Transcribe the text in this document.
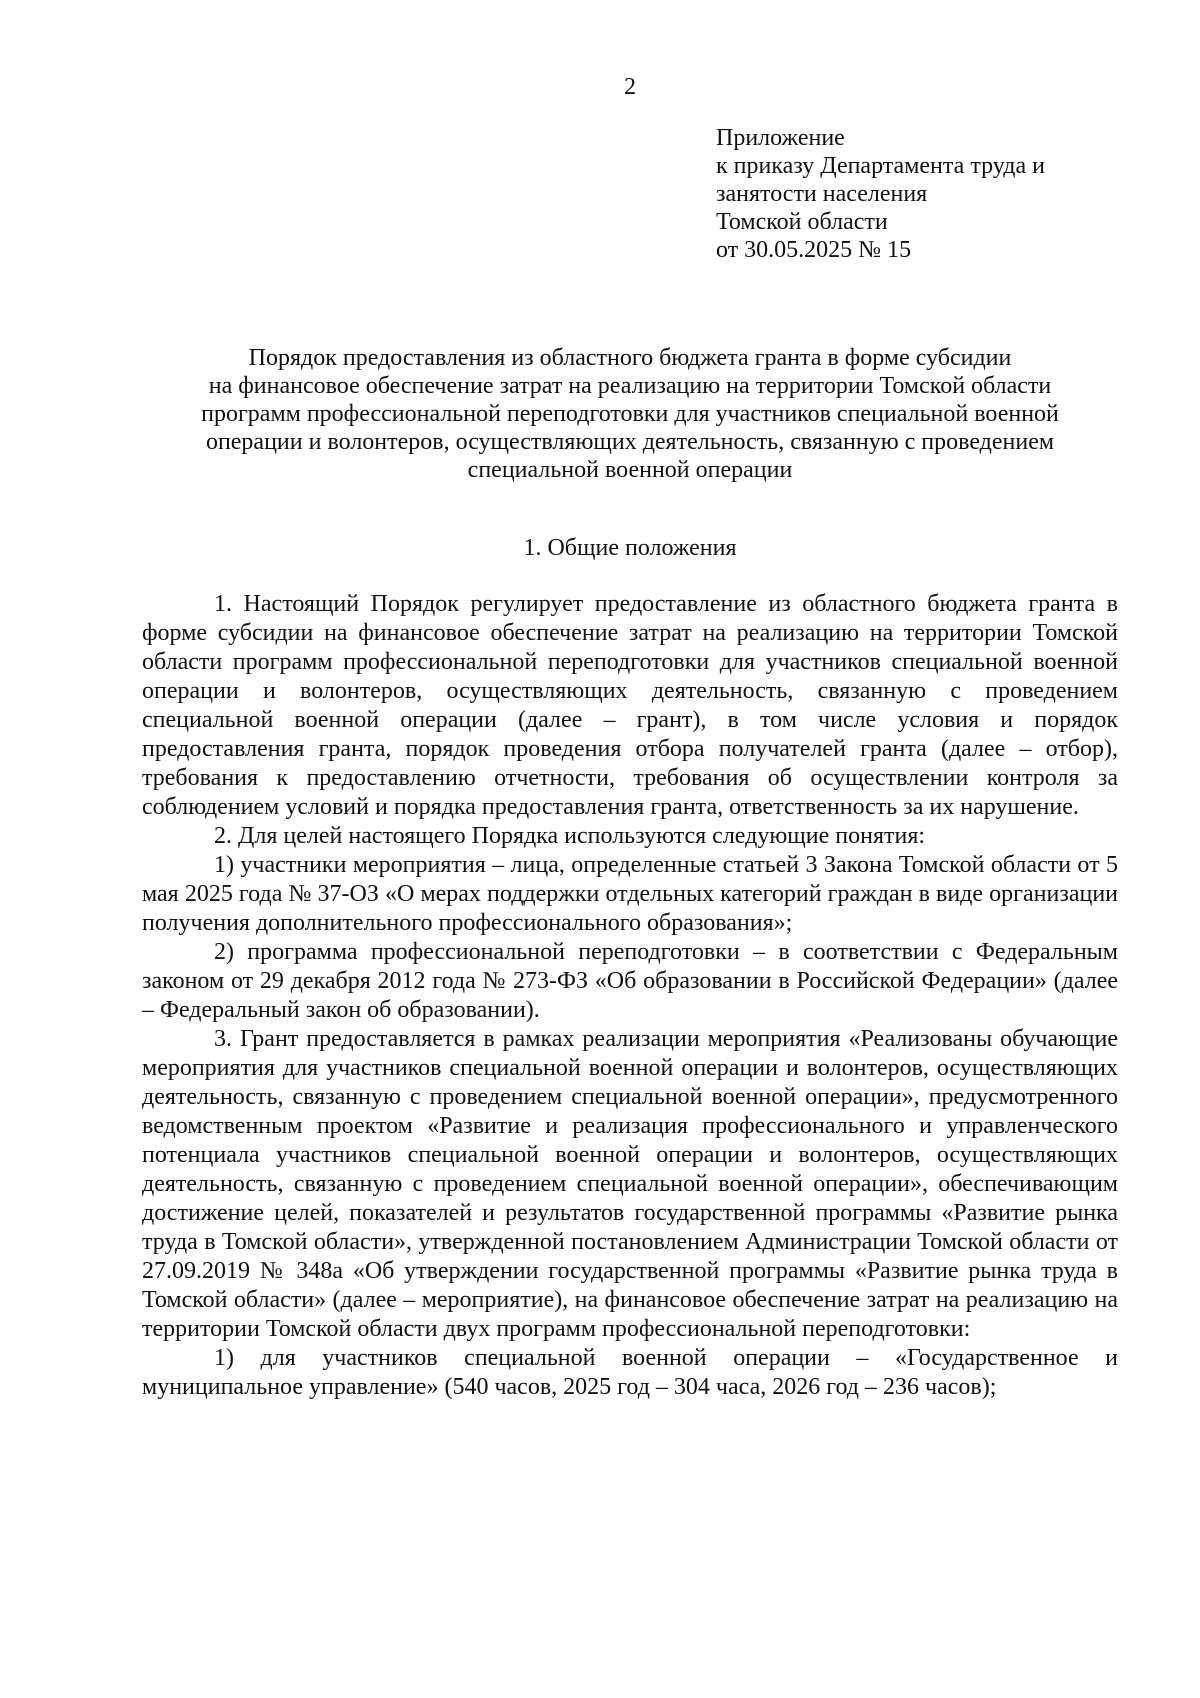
2
Приложение
к приказу Департамента труда и
занятости населения
Томской области
от 30.05.2025 № 15
Порядок предоставления из областного бюджета гранта в форме субсидии
на финансовое обеспечение затрат на реализацию на территории Томской области
программ профессиональной переподготовки для участников специальной военной
операции и волонтеров, осуществляющих деятельность, связанную с проведением
специальной военной операции
1. Общие положения

1. Настоящий Порядок регулирует предоставление из областного бюджета гранта в форме субсидии на финансовое обеспечение затрат на реализацию на территории Томской области программ профессиональной переподготовки для участников специальной военной операции и волонтеров, осуществляющих деятельность, связанную с проведением специальной военной операции (далее – грант), в том числе условия и порядок предоставления гранта, порядок проведения отбора получателей гранта (далее – отбор), требования к предоставлению отчетности, требования об осуществлении контроля за соблюдением условий и порядка предоставления гранта, ответственность за их нарушение.

2. Для целей настоящего Порядка используются следующие понятия:

1) участники мероприятия – лица, определенные статьей 3 Закона Томской области от 5 мая 2025 года № 37-ОЗ «О мерах поддержки отдельных категорий граждан в виде организации получения дополнительного профессионального образования»;

2) программа профессиональной переподготовки – в соответствии с Федеральным законом от 29 декабря 2012 года № 273-ФЗ «Об образовании в Российской Федерации» (далее – Федеральный закон об образовании).

3. Грант предоставляется в рамках реализации мероприятия «Реализованы обучающие мероприятия для участников специальной военной операции и волонтеров, осуществляющих деятельность, связанную с проведением специальной военной операции», предусмотренного ведомственным проектом «Развитие и реализация профессионального и управленческого потенциала участников специальной военной операции и волонтеров, осуществляющих деятельность, связанную с проведением специальной военной операции», обеспечивающим достижение целей, показателей и результатов государственной программы «Развитие рынка труда в Томской области», утвержденной постановлением Администрации Томской области от 27.09.2019 № 348а «Об утверждении государственной программы «Развитие рынка труда в Томской области» (далее – мероприятие), на финансовое обеспечение затрат на реализацию на территории Томской области двух программ профессиональной переподготовки:

1) для участников специальной военной операции – «Государственное и муниципальное управление» (540 часов, 2025 год – 304 часа, 2026 год – 236 часов);
